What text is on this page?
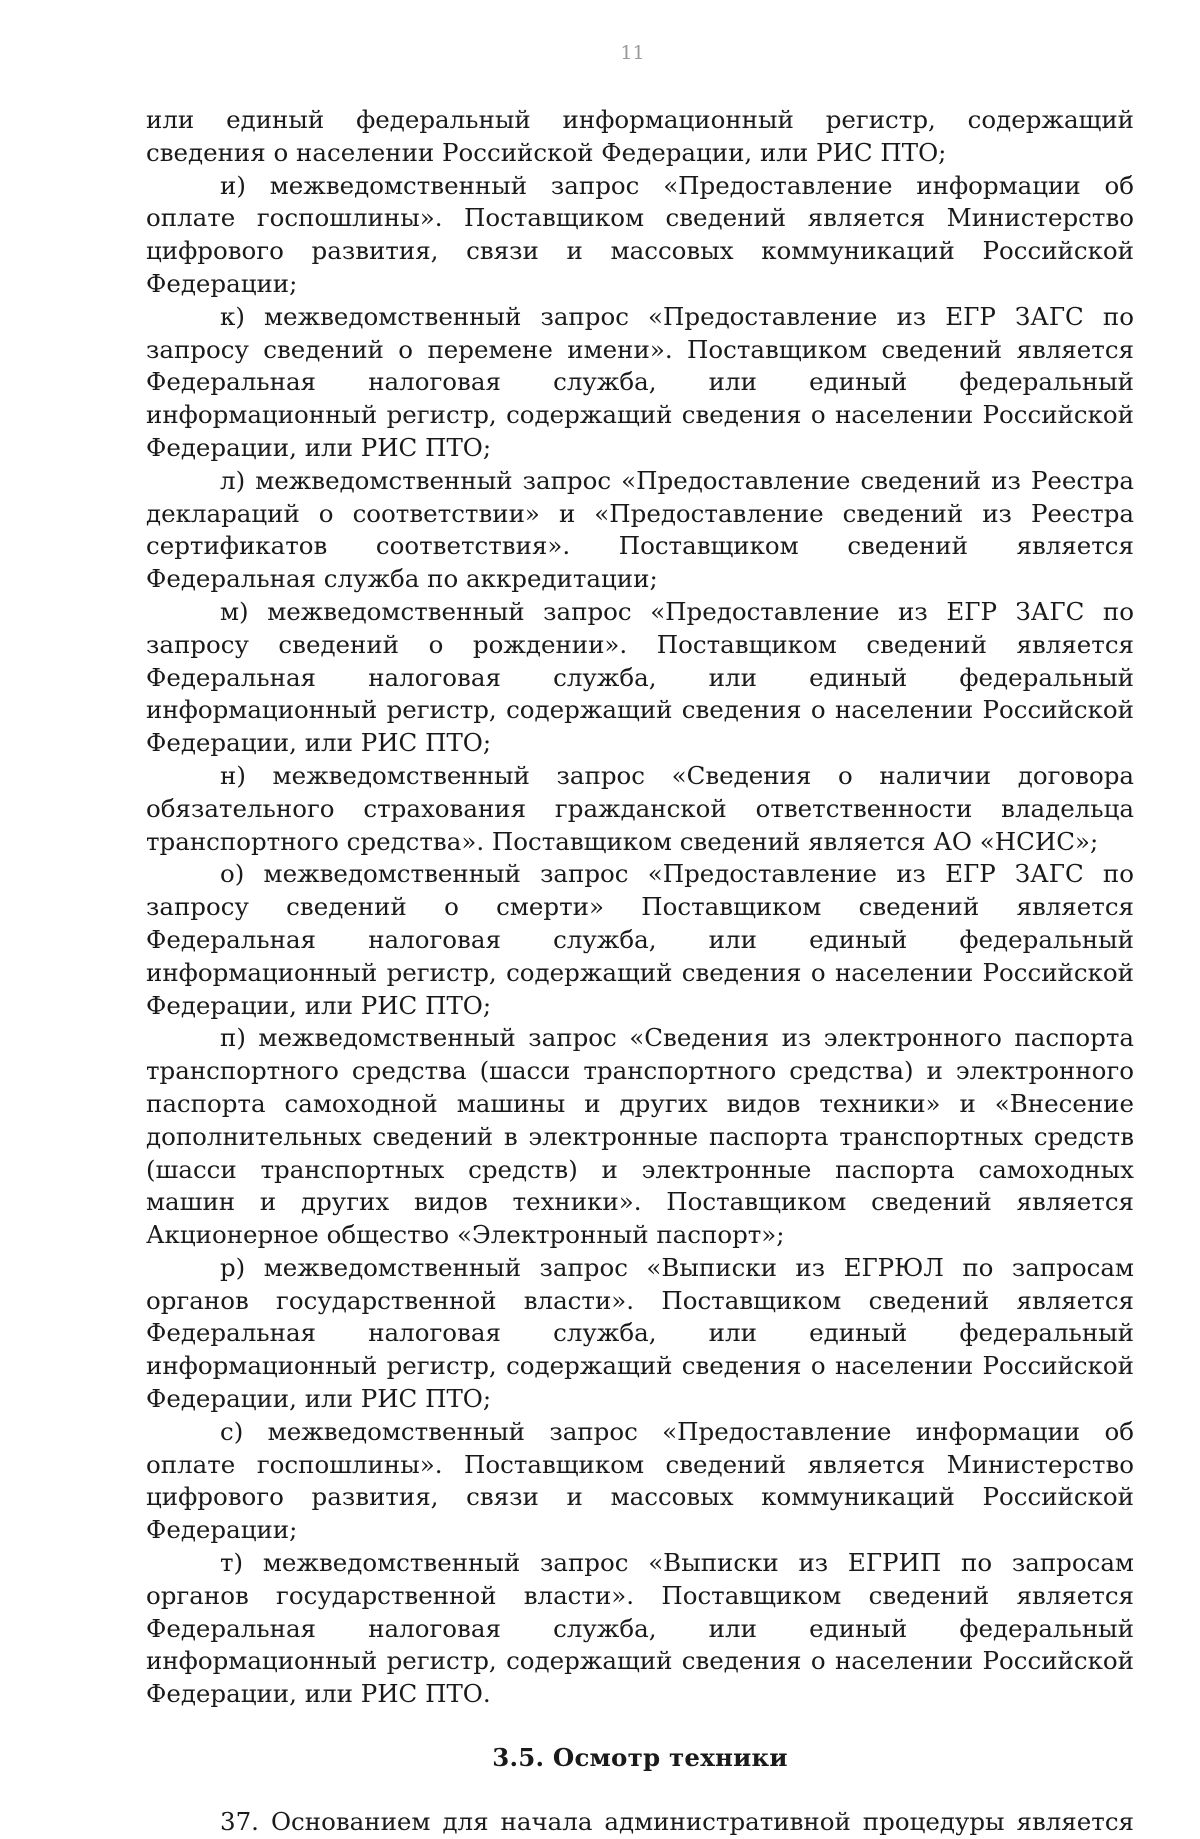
11

или единый федеральный информационный регистр, содержащий сведения о населении Российской Федерации, или РИС ПТО;

и) межведомственный запрос «Предоставление информации об оплате госпошлины». Поставщиком сведений является Министерство цифрового развития, связи и массовых коммуникаций Российской Федерации;

к) межведомственный запрос «Предоставление из ЕГР ЗАГС по запросу сведений о перемене имени». Поставщиком сведений является Федеральная налоговая служба, или единый федеральный информационный регистр, содержащий сведения о населении Российской Федерации, или РИС ПТО;

л) межведомственный запрос «Предоставление сведений из Реестра деклараций о соответствии» и «Предоставление сведений из Реестра сертификатов соответствия». Поставщиком сведений является Федеральная служба по аккредитации;

м) межведомственный запрос «Предоставление из ЕГР ЗАГС по запросу сведений о рождении». Поставщиком сведений является Федеральная налоговая служба, или единый федеральный информационный регистр, содержащий сведения о населении Российской Федерации, или РИС ПТО;

н) межведомственный запрос «Сведения о наличии договора обязательного страхования гражданской ответственности владельца транспортного средства». Поставщиком сведений является АО «НСИС»;

о) межведомственный запрос «Предоставление из ЕГР ЗАГС по запросу сведений о смерти» Поставщиком сведений является Федеральная налоговая служба, или единый федеральный информационный регистр, содержащий сведения о населении Российской Федерации, или РИС ПТО;

п) межведомственный запрос «Сведения из электронного паспорта транспортного средства (шасси транспортного средства) и электронного паспорта самоходной машины и других видов техники» и «Внесение дополнительных сведений в электронные паспорта транспортных средств (шасси транспортных средств) и электронные паспорта самоходных машин и других видов техники». Поставщиком сведений является Акционерное общество «Электронный паспорт»;

р) межведомственный запрос «Выписки из ЕГРЮЛ по запросам органов государственной власти». Поставщиком сведений является Федеральная налоговая служба, или единый федеральный информационный регистр, содержащий сведения о населении Российской Федерации, или РИС ПТО;

с) межведомственный запрос «Предоставление информации об оплате госпошлины». Поставщиком сведений является Министерство цифрового развития, связи и массовых коммуникаций Российской Федерации;

т) межведомственный запрос «Выписки из ЕГРИП по запросам органов государственной власти». Поставщиком сведений является Федеральная налоговая служба, или единый федеральный информационный регистр, содержащий сведения о населении Российской Федерации, или РИС ПТО.

3.5. Осмотр техники

37. Основанием для начала административной процедуры является
